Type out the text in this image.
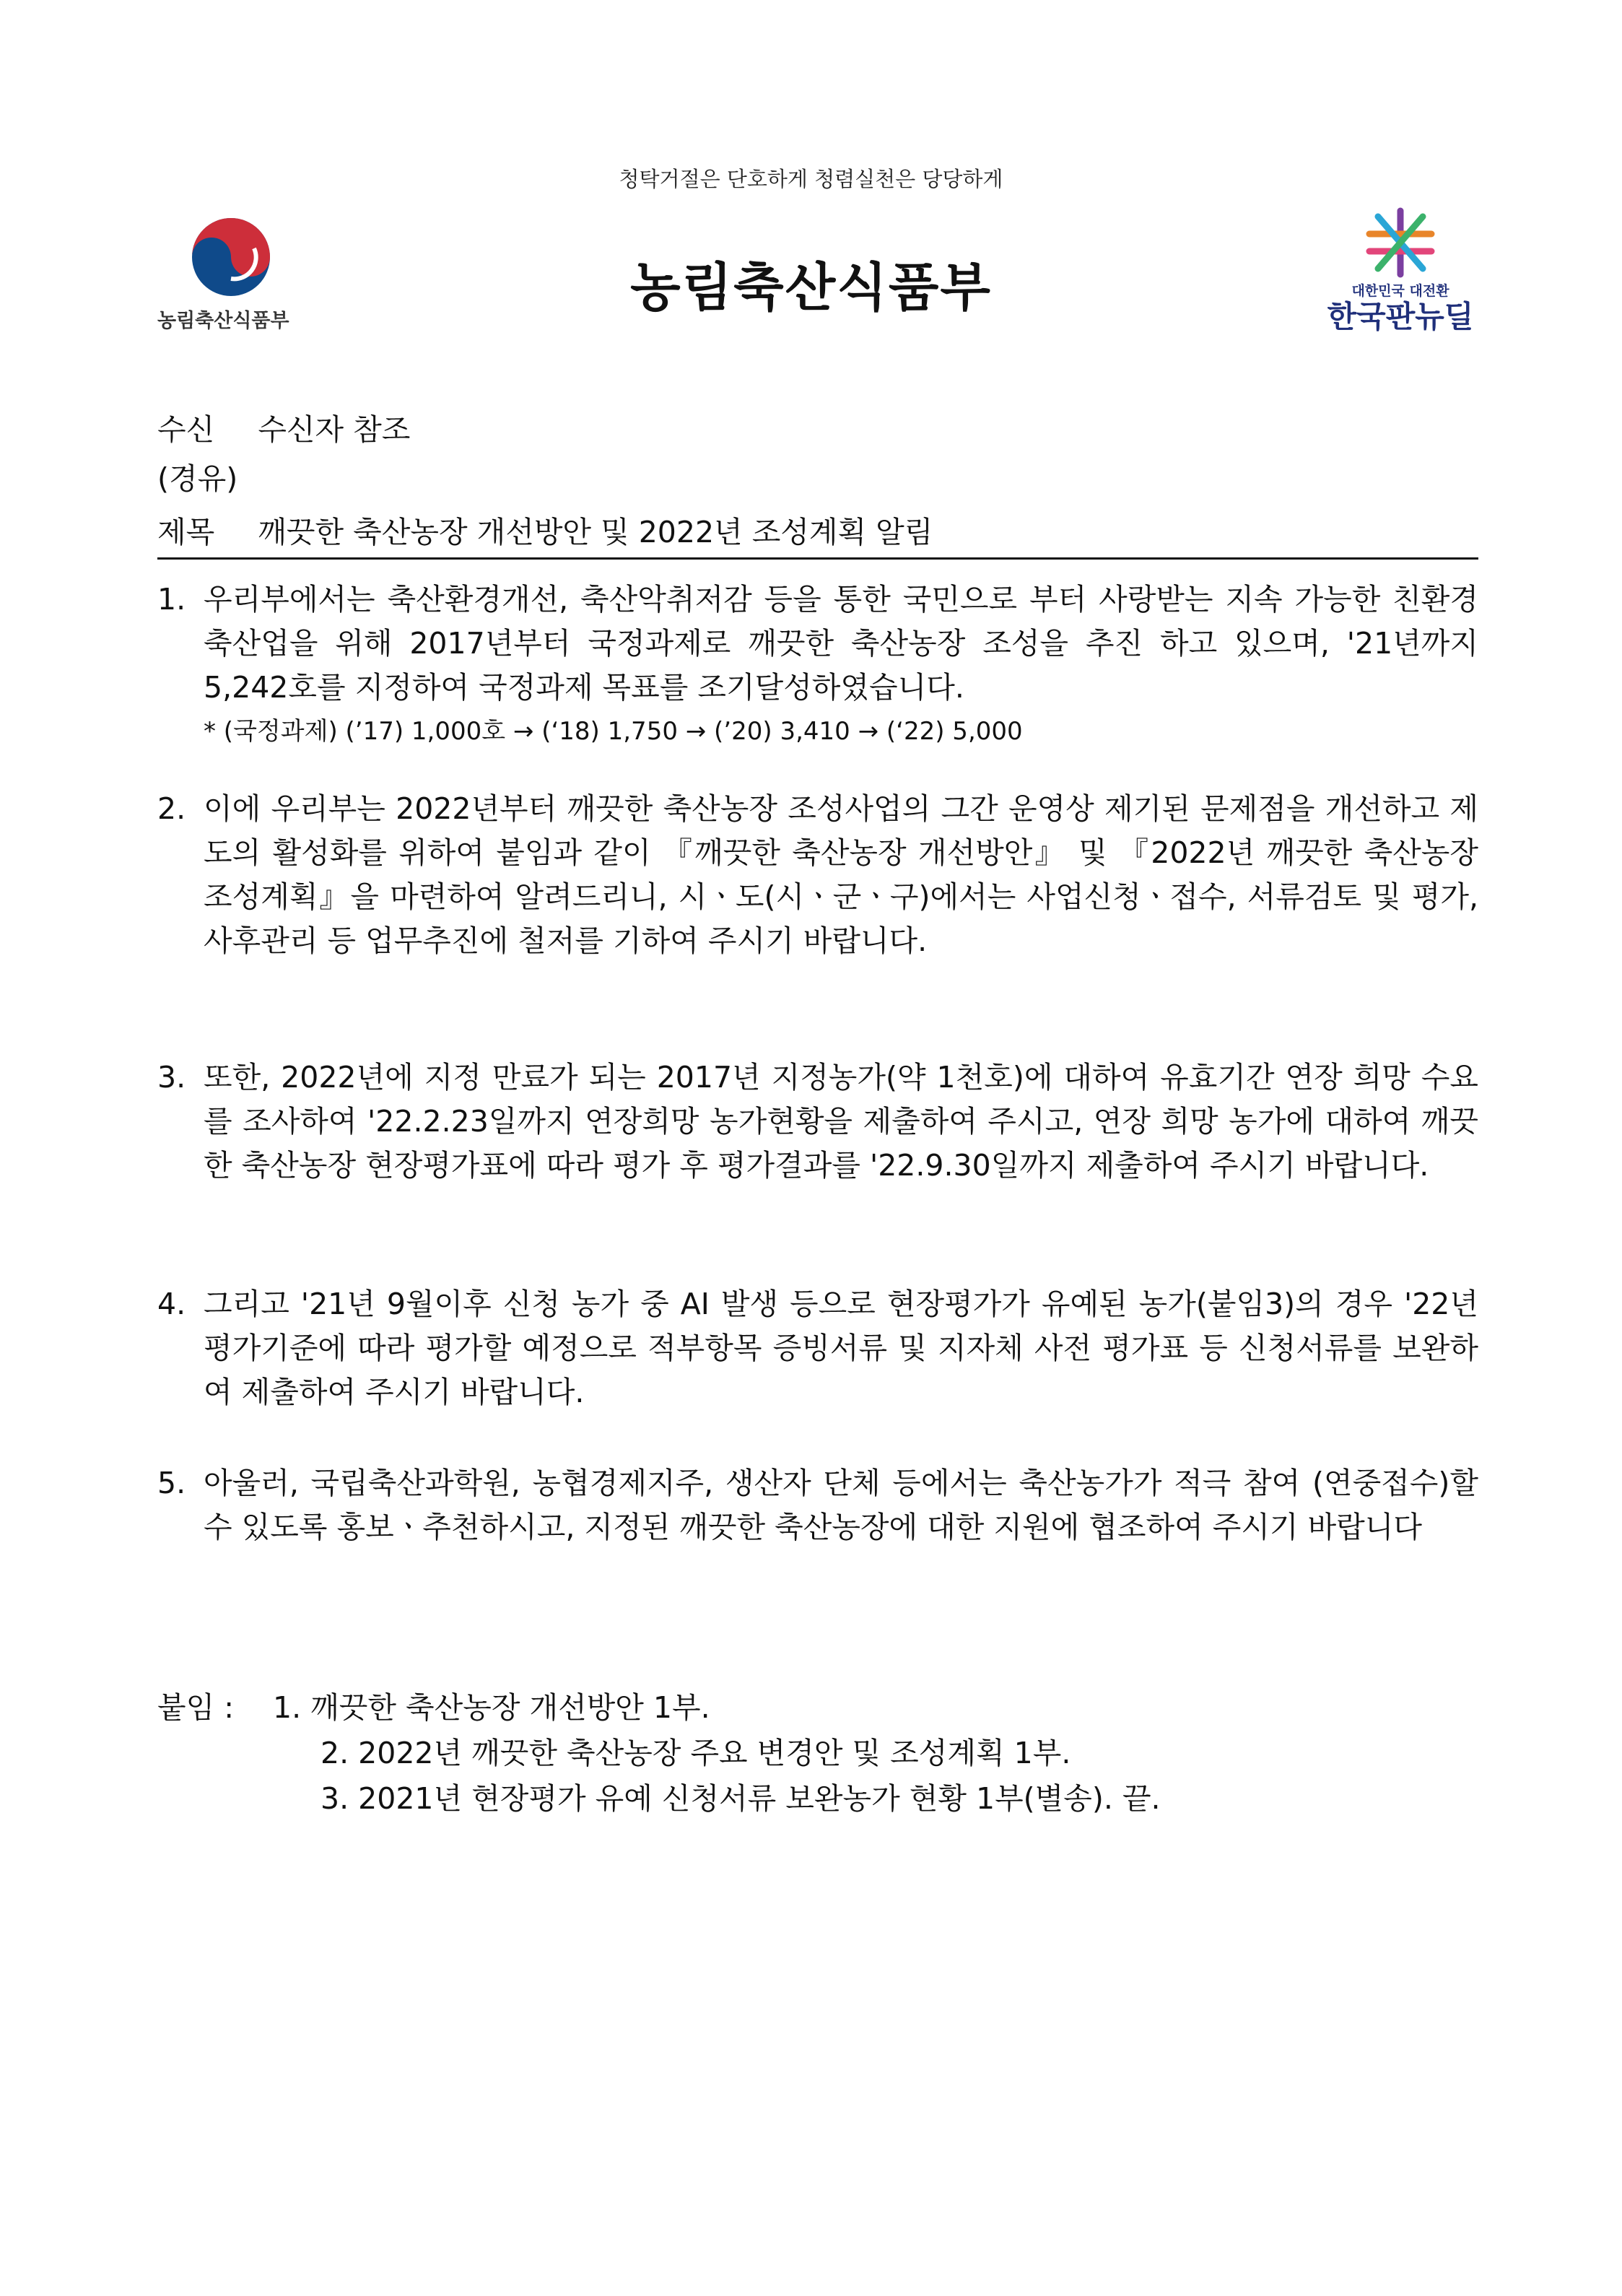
청탁거절은 단호하게 청렴실천은 당당하게
농림축산식품부
농림축산식품부	대한민국 대전환
한국판뉴딜
수신 수신자 참조
(경유)
제목 깨끗한 축산농장 개선방안 및 2022년 조성계획 알림
1. 우리부에서는 축산환경개선, 축산악취저감 등을 통한 국민으로 부터 사랑받는 지속 가능한 친환경 축산업을 위해 2017년부터 국정과제로 깨끗한 축산농장 조성을 추진 하고 있으며, '21년까지 5,242호를 지정하여 국정과제 목표를 조기달성하였습니다.
* (국정과제) (’17) 1,000호 → (‘18) 1,750 → (’20) 3,410 → (‘22) 5,000
2. 이에 우리부는 2022년부터 깨끗한 축산농장 조성사업의 그간 운영상 제기된 문제점을 개선하고 제도의 활성화를 위하여 붙임과 같이 『깨끗한 축산농장 개선방안』 및 『2022년 깨끗한 축산농장 조성계획』을 마련하여 알려드리니, 시ㆍ도(시ㆍ군ㆍ구)에서는 사업신청ㆍ접수, 서류검토 및 평가, 사후관리 등 업무추진에 철저를 기하여 주시기 바랍니다.
3. 또한, 2022년에 지정 만료가 되는 2017년 지정농가(약 1천호)에 대하여 유효기간 연장 희망 수요를 조사하여 '22.2.23일까지 연장희망 농가현황을 제출하여 주시고, 연장 희망 농가에 대하여 깨끗한 축산농장 현장평가표에 따라 평가 후 평가결과를 '22.9.30일까지 제출하여 주시기 바랍니다.
4. 그리고 '21년 9월이후 신청 농가 중 AI 발생 등으로 현장평가가 유예된 농가(붙임3)의 경우 '22년 평가기준에 따라 평가할 예정으로 적부항목 증빙서류 및 지자체 사전 평가표 등 신청서류를 보완하여 제출하여 주시기 바랍니다.
5. 아울러, 국립축산과학원, 농협경제지주, 생산자 단체 등에서는 축산농가가 적극 참여 (연중접수)할 수 있도록 홍보ㆍ추천하시고, 지정된 깨끗한 축산농장에 대한 지원에 협조하여 주시기 바랍니다
붙임 : 1. 깨끗한 축산농장 개선방안 1부.
2. 2022년 깨끗한 축산농장 주요 변경안 및 조성계획 1부.
3. 2021년 현장평가 유예 신청서류 보완농가 현황 1부(별송). 끝.
